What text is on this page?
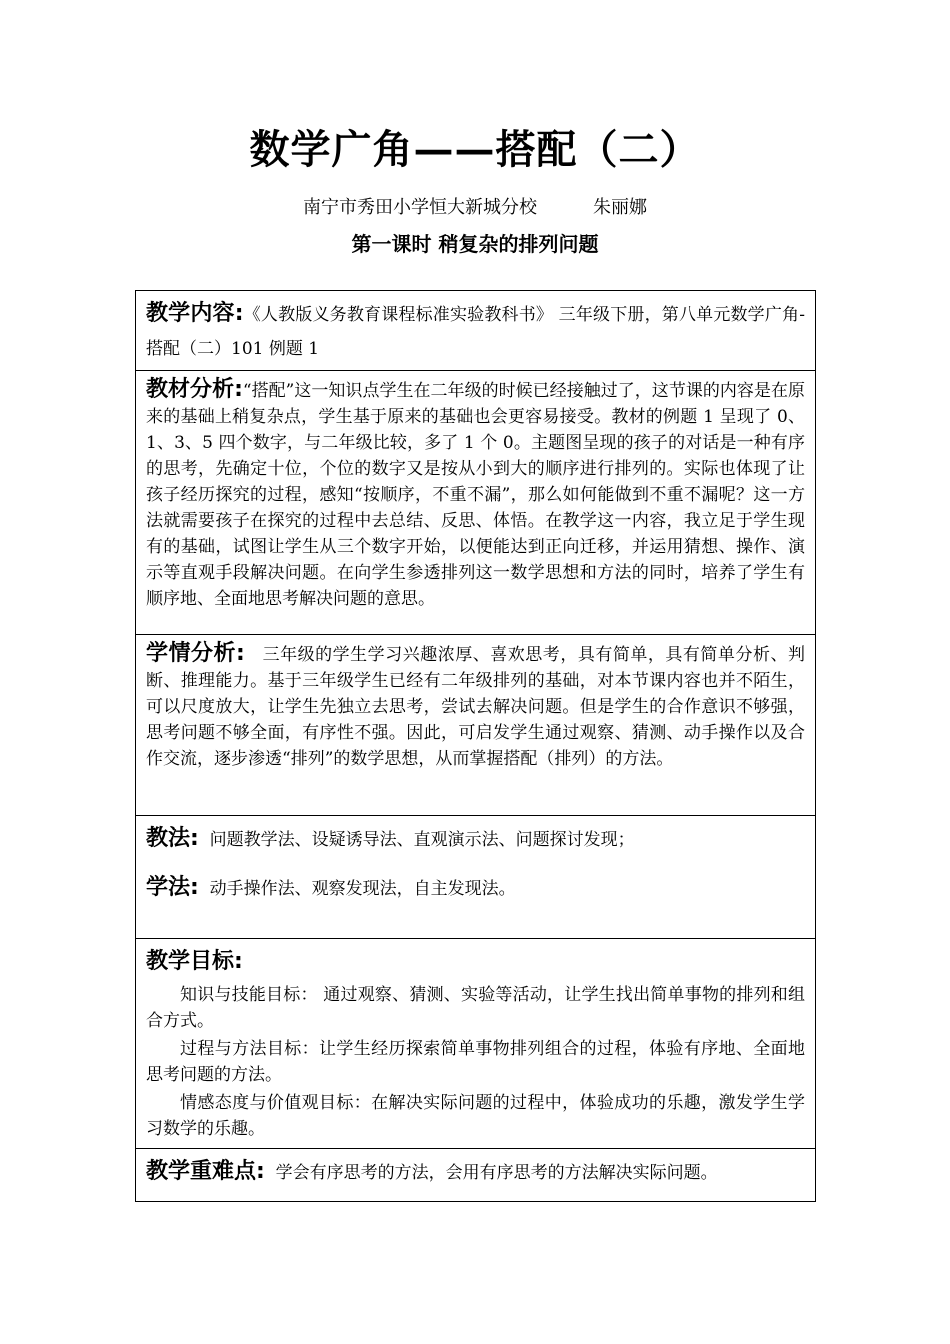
数学广角——搭配（二）
南宁市秀田小学恒大新城分校	朱丽娜
第一课时 稍复杂的排列问题

教学内容:《人教版义务教育课程标准实验教科书》 三年级下册，第八单元数学广角-搭配（二）101 例题 1

教材分析:“搭配”这一知识点学生在二年级的时候已经接触过了，这节课的内容是在原来的基础上稍复杂点，学生基于原来的基础也会更容易接受。教材的例题 1 呈现了 0、1、3、5 四个数字，与二年级比较，多了 1 个 0。主题图呈现的孩子的对话是一种有序的思考，先确定十位，个位的数字又是按从小到大的顺序进行排列的。实际也体现了让孩子经历探究的过程，感知“按顺序，不重不漏”，那么如何能做到不重不漏呢？这一方法就需要孩子在探究的过程中去总结、反思、体悟。在教学这一内容，我立足于学生现有的基础，试图让学生从三个数字开始，以便能达到正向迁移，并运用猜想、操作、演示等直观手段解决问题。在向学生参透排列这一数学思想和方法的同时，培养了学生有顺序地、全面地思考解决问题的意思。

学情分析: 三年级的学生学习兴趣浓厚、喜欢思考，具有简单，具有简单分析、判断、推理能力。基于三年级学生已经有二年级排列的基础，对本节课内容也并不陌生，可以尺度放大，让学生先独立去思考，尝试去解决问题。但是学生的合作意识不够强，思考问题不够全面，有序性不强。因此，可启发学生通过观察、猜测、动手操作以及合作交流，逐步渗透“排列”的数学思想，从而掌握搭配（排列）的方法。

教法: 问题教学法、设疑诱导法、直观演示法、问题探讨发现；

学法: 动手操作法、观察发现法，自主发现法。

教学目标:

知识与技能目标： 通过观察、猜测、实验等活动，让学生找出简单事物的排列和组合方式。

过程与方法目标：让学生经历探索简单事物排列组合的过程，体验有序地、全面地思考问题的方法。

情感态度与价值观目标：在解决实际问题的过程中，体验成功的乐趣，激发学生学习数学的乐趣。

教学重难点: 学会有序思考的方法，会用有序思考的方法解决实际问题。
